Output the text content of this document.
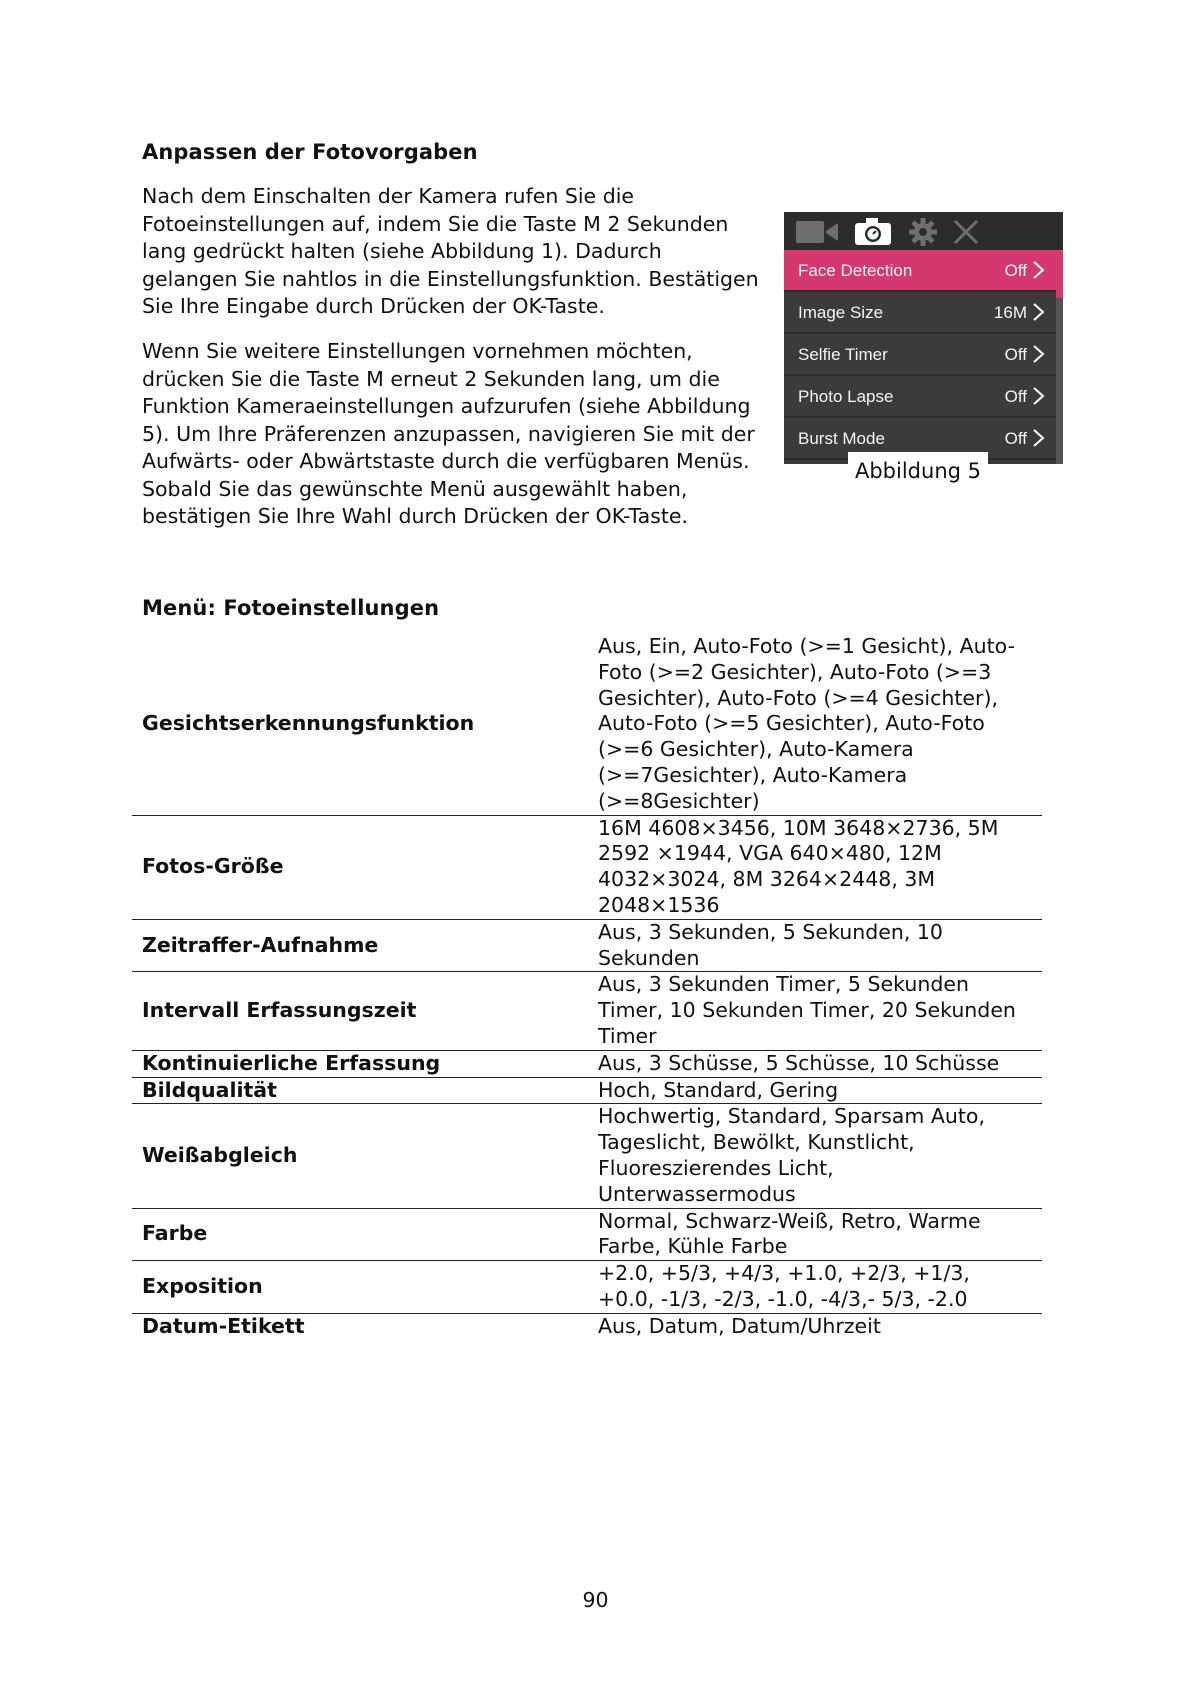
Anpassen der Fotovorgaben

Nach dem Einschalten der Kamera rufen Sie die Fotoeinstellungen auf, indem Sie die Taste M 2 Sekunden lang gedrückt halten (siehe Abbildung 1). Dadurch gelangen Sie nahtlos in die Einstellungsfunktion. Bestätigen Sie Ihre Eingabe durch Drücken der OK-Taste.

Wenn Sie weitere Einstellungen vornehmen möchten, drücken Sie die Taste M erneut 2 Sekunden lang, um die Funktion Kameraeinstellungen aufzurufen (siehe Abbildung 5). Um Ihre Präferenzen anzupassen, navigieren Sie mit der Aufwärts- oder Abwärtstaste durch die verfügbaren Menüs. Sobald Sie das gewünschte Menü ausgewählt haben, bestätigen Sie Ihre Wahl durch Drücken der OK-Taste.

Face Detection	Off
Image Size	16M
Selfie Timer	Off
Photo Lapse	Off
Burst Mode	Off
Abbildung 5
Menü: Fotoeinstellungen
Gesichtserkennungsfunktion	Aus, Ein, Auto-Foto (>=1 Gesicht), Auto-Foto (>=2 Gesichter), Auto-Foto (>=3 Gesichter), Auto-Foto (>=4 Gesichter), Auto-Foto (>=5 Gesichter), Auto-Foto (>=6 Gesichter), Auto-Kamera (>=7Gesichter), Auto-Kamera (>=8Gesichter)
Fotos-Größe	16M 4608×3456, 10M 3648×2736, 5M 2592 ×1944, VGA 640×480, 12M 4032×3024, 8M 3264×2448, 3M 2048×1536
Zeitraffer-Aufnahme	Aus, 3 Sekunden, 5 Sekunden, 10 Sekunden
Intervall Erfassungszeit	Aus, 3 Sekunden Timer, 5 Sekunden Timer, 10 Sekunden Timer, 20 Sekunden Timer
Kontinuierliche Erfassung	Aus, 3 Schüsse, 5 Schüsse, 10 Schüsse
Bildqualität	Hoch, Standard, Gering
Weißabgleich	Hochwertig, Standard, Sparsam Auto, Tageslicht, Bewölkt, Kunstlicht, Fluoreszierendes Licht, Unterwassermodus
Farbe	Normal, Schwarz-Weiß, Retro, Warme Farbe, Kühle Farbe
Exposition	+2.0, +5/3, +4/3, +1.0, +2/3, +1/3, +0.0, -1/3, -2/3, -1.0, -4/3,- 5/3, -2.0
Datum-Etikett	Aus, Datum, Datum/Uhrzeit
90
